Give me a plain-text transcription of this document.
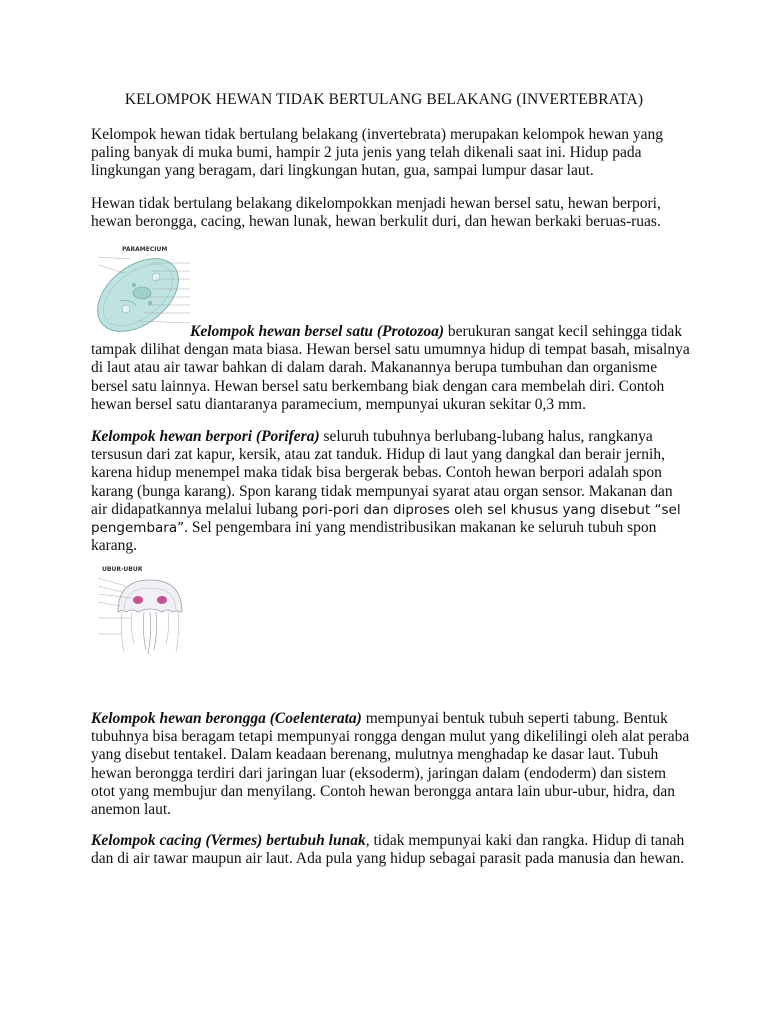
KELOMPOK HEWAN TIDAK BERTULANG BELAKANG (INVERTEBRATA)

Kelompok hewan tidak bertulang belakang (invertebrata) merupakan kelompok hewan yang paling banyak di muka bumi, hampir 2 juta jenis yang telah dikenali saat ini. Hidup pada lingkungan yang beragam, dari lingkungan hutan, gua, sampai lumpur dasar laut.

Hewan tidak bertulang belakang dikelompokkan menjadi hewan bersel satu, hewan berpori, hewan berongga, cacing, hewan lunak, hewan berkulit duri, dan hewan berkaki beruas-ruas.

PARAMECIUM

Kelompok hewan bersel satu (Protozoa) berukuran sangat kecil sehingga tidak tampak dilihat dengan mata biasa. Hewan bersel satu umumnya hidup di tempat basah, misalnya di laut atau air tawar bahkan di dalam darah. Makanannya berupa tumbuhan dan organisme bersel satu lainnya. Hewan bersel satu berkembang biak dengan cara membelah diri. Contoh hewan bersel satu diantaranya paramecium, mempunyai ukuran sekitar 0,3 mm.

Kelompok hewan berpori (Porifera) seluruh tubuhnya berlubang-lubang halus, rangkanya tersusun dari zat kapur, kersik, atau zat tanduk. Hidup di laut yang dangkal dan berair jernih, karena hidup menempel maka tidak bisa bergerak bebas. Contoh hewan berpori adalah spon karang (bunga karang). Spon karang tidak mempunyai syarat atau organ sensor. Makanan dan air didapatkannya melalui lubang pori-pori dan diproses oleh sel khusus yang disebut “sel pengembara”. Sel pengembara ini yang mendistribusikan makanan ke seluruh tubuh spon karang.

UBUR-UBUR

Kelompok hewan berongga (Coelenterata) mempunyai bentuk tubuh seperti tabung. Bentuk tubuhnya bisa beragam tetapi mempunyai rongga dengan mulut yang dikelilingi oleh alat peraba yang disebut tentakel. Dalam keadaan berenang, mulutnya menghadap ke dasar laut. Tubuh hewan berongga terdiri dari jaringan luar (eksoderm), jaringan dalam (endoderm) dan sistem otot yang membujur dan menyilang. Contoh hewan berongga antara lain ubur-ubur, hidra, dan anemon laut.

Kelompok cacing (Vermes) bertubuh lunak, tidak mempunyai kaki dan rangka. Hidup di tanah dan di air tawar maupun air laut. Ada pula yang hidup sebagai parasit pada manusia dan hewan.
